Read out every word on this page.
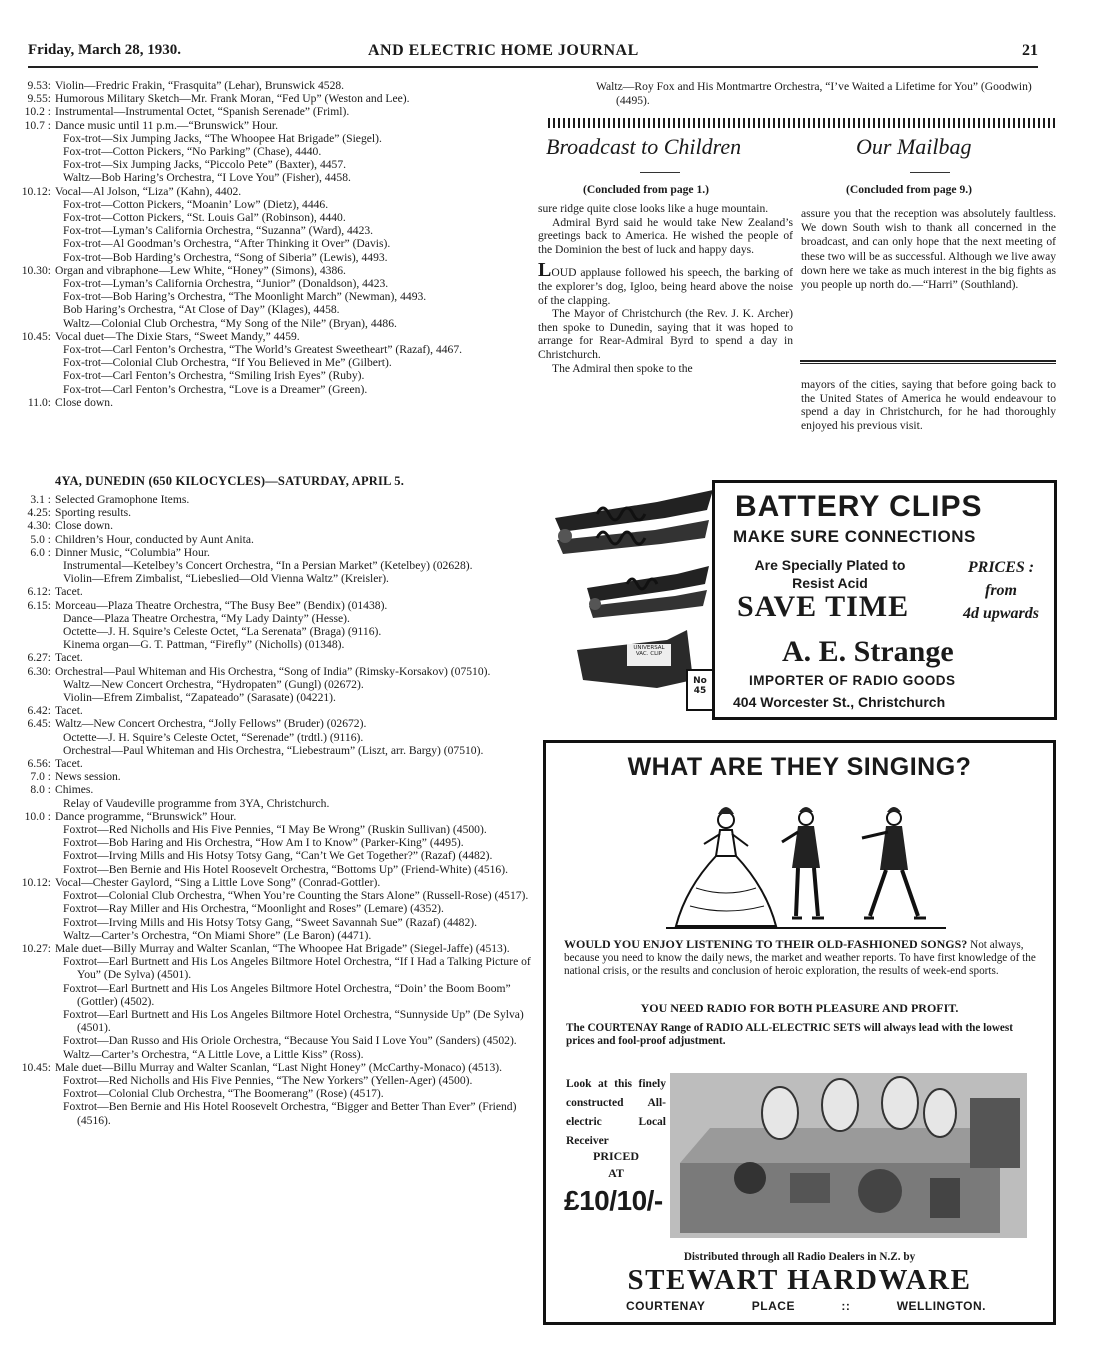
Friday, March 28, 1930.	AND ELECTRIC HOME JOURNAL	21
9.53: Violin—Fredric Frakin, “Frasquita” (Lehar), Brunswick 4528.
9.55: Humorous Military Sketch—Mr. Frank Moran, “Fed Up” (Weston and Lee).
10.2 : Instrumental—Instrumental Octet, “Spanish Serenade” (Friml).
10.7 : Dance music until 11 p.m.—“Brunswick” Hour.
Fox-trot—Six Jumping Jacks, “The Whoopee Hat Brigade” (Siegel).
Fox-trot—Cotton Pickers, “No Parking” (Chase), 4440.
Fox-trot—Six Jumping Jacks, “Piccolo Pete” (Baxter), 4457.
Waltz—Bob Haring’s Orchestra, “I Love You” (Fisher), 4458.
10.12: Vocal—Al Jolson, “Liza” (Kahn), 4402.
Fox-trot—Cotton Pickers, “Moanin’ Low” (Dietz), 4446.
Fox-trot—Cotton Pickers, “St. Louis Gal” (Robinson), 4440.
Fox-trot—Lyman’s California Orchestra, “Suzanna” (Ward), 4423.
Fox-trot—Al Goodman’s Orchestra, “After Thinking it Over” (Davis).
Fox-trot—Bob Harding’s Orchestra, “Song of Siberia” (Lewis), 4493.
10.30: Organ and vibraphone—Lew White, “Honey” (Simons), 4386.
Fox-trot—Lyman’s California Orchestra, “Junior” (Donaldson), 4423.
Fox-trot—Bob Haring’s Orchestra, “The Moonlight March” (Newman), 4493.
Bob Haring’s Orchestra, “At Close of Day” (Klages), 4458.
Waltz—Colonial Club Orchestra, “My Song of the Nile” (Bryan), 4486.
10.45: Vocal duet—The Dixie Stars, “Sweet Mandy,” 4459.
Fox-trot—Carl Fenton’s Orchestra, “The World’s Greatest Sweetheart” (Razaf), 4467.
Fox-trot—Colonial Club Orchestra, “If You Believed in Me” (Gilbert).
Fox-trot—Carl Fenton’s Orchestra, “Smiling Irish Eyes” (Ruby).
Fox-trot—Carl Fenton’s Orchestra, “Love is a Dreamer” (Green).
11.0: Close down.
4YA, DUNEDIN (650 KILOCYCLES)—SATURDAY, APRIL 5.
3.1 : Selected Gramophone Items.
4.25: Sporting results.
4.30: Close down.
5.0 : Children’s Hour, conducted by Aunt Anita.
6.0 : Dinner Music, “Columbia” Hour.
Instrumental—Ketelbey’s Concert Orchestra, “In a Persian Market” (Ketelbey) (02628).
Violin—Efrem Zimbalist, “Liebeslied—Old Vienna Waltz” (Kreisler).
6.12: Tacet.
6.15: Morceau—Plaza Theatre Orchestra, “The Busy Bee” (Bendix) (01438).
Dance—Plaza Theatre Orchestra, “My Lady Dainty” (Hesse).
Octette—J. H. Squire’s Celeste Octet, “La Serenata” (Braga) (9116).
Kinema organ—G. T. Pattman, “Firefly” (Nicholls) (01348).
6.27: Tacet.
6.30: Orchestral—Paul Whiteman and His Orchestra, “Song of India” (Rimsky-Korsakov) (07510).
Waltz—New Concert Orchestra, “Hydropaten” (Gungl) (02672).
Violin—Efrem Zimbalist, “Zapateado” (Sarasate) (04221).
6.42: Tacet.
6.45: Waltz—New Concert Orchestra, “Jolly Fellows” (Bruder) (02672).
Octette—J. H. Squire’s Celeste Octet, “Serenade” (trdtl.) (9116).
Orchestral—Paul Whiteman and His Orchestra, “Liebestraum” (Liszt, arr. Bargy) (07510).
6.56: Tacet.
7.0 : News session.
8.0 : Chimes.
Relay of Vaudeville programme from 3YA, Christchurch.
10.0 : Dance programme, “Brunswick” Hour.
Foxtrot—Red Nicholls and His Five Pennies, “I May Be Wrong” (Ruskin Sullivan) (4500).
Foxtrot—Bob Haring and His Orchestra, “How Am I to Know” (Parker-King” (4495).
Foxtrot—Irving Mills and His Hotsy Totsy Gang, “Can’t We Get Together?” (Razaf) (4482).
Foxtrot—Ben Bernie and His Hotel Roosevelt Orchestra, “Bottoms Up” (Friend-White) (4516).
10.12: Vocal—Chester Gaylord, “Sing a Little Love Song” (Conrad-Gottler).
Foxtrot—Colonial Club Orchestra, “When You’re Counting the Stars Alone” (Russell-Rose) (4517).
Foxtrot—Ray Miller and His Orchestra, “Moonlight and Roses” (Lemare) (4352).
Foxtrot—Irving Mills and His Hotsy Totsy Gang, “Sweet Savannah Sue” (Razaf) (4482).
Waltz—Carter’s Orchestra, “On Miami Shore” (Le Baron) (4471).
10.27: Male duet—Billy Murray and Walter Scanlan, “The Whoopee Hat Brigade” (Siegel-Jaffe) (4513).
Foxtrot—Earl Burtnett and His Los Angeles Biltmore Hotel Orchestra, “If I Had a Talking Picture of You” (De Sylva) (4501).
Foxtrot—Earl Burtnett and His Los Angeles Biltmore Hotel Orchestra, “Doin’ the Boom Boom” (Gottler) (4502).
Foxtrot—Earl Burtnett and His Los Angeles Biltmore Hotel Orchestra, “Sunnyside Up” (De Sylva) (4501).
Foxtrot—Dan Russo and His Oriole Orchestra, “Because You Said I Love You” (Sanders) (4502).
Waltz—Carter’s Orchestra, “A Little Love, a Little Kiss” (Ross).
10.45: Male duet—Billu Murray and Walter Scanlan, “Last Night Honey” (McCarthy-Monaco) (4513).
Foxtrot—Red Nicholls and His Five Pennies, “The New Yorkers” (Yellen-Ager) (4500).
Foxtrot—Colonial Club Orchestra, “The Boomerang” (Rose) (4517).
Foxtrot—Ben Bernie and His Hotel Roosevelt Orchestra, “Bigger and Better Than Ever” (Friend) (4516).
Waltz—Roy Fox and His Montmartre Orchestra, “I’ve Waited a Lifetime for You” (Goodwin) (4495).
Broadcast to Children	Our Mailbag
(Concluded from page 1.)	(Concluded from page 9.)

sure ridge quite close looks like a huge mountain.

Admiral Byrd said he would take New Zealand’s greetings back to America. He wished the people of the Dominion the best of luck and happy days.

LOUD applause followed his speech, the barking of the explorer’s dog, Igloo, being heard above the noise of the clapping.

The Mayor of Christchurch (the Rev. J. K. Archer) then spoke to Dunedin, saying that it was hoped to arrange for Rear-Admiral Byrd to spend a day in Christchurch.

The Admiral then spoke to the

assure you that the reception was absolutely faultless. We down South wish to thank all concerned in the broadcast, and can only hope that the next meeting of these two will be as successful. Although we live away down here we take as much interest in the big fights as you people up north do.—“Harri” (Southland).

mayors of the cities, saying that before going back to the United States of America he would endeavour to spend a day in Christchurch, for he had thoroughly enjoyed his previous visit.

UNIVERSAL VAC. CLIP
No 45
BATTERY CLIPS
MAKE SURE CONNECTIONS
Are Specially Plated to Resist Acid
SAVE TIME
PRICES :
from
4d upwards
A. E. Strange
IMPORTER OF RADIO GOODS
404 Worcester St., Christchurch
WHAT ARE THEY SINGING?
WOULD YOU ENJOY LISTENING TO THEIR OLD-FASHIONED SONGS? Not always, because you need to know the daily news, the market and weather reports. To have first knowledge of the national crisis, or the results and conclusion of heroic exploration, the results of week-end sports.
YOU NEED RADIO FOR BOTH PLEASURE AND PROFIT.
The COURTENAY Range of RADIO ALL-ELECTRIC SETS will always lead with the lowest prices and fool-proof adjustment.
Look at this finely constructed All-electric Local Receiver
PRICED
AT
£10/10/-
Distributed through all Radio Dealers in N.Z. by
STEWART HARDWARE
COURTENAY	PLACE	::	WELLINGTON.
